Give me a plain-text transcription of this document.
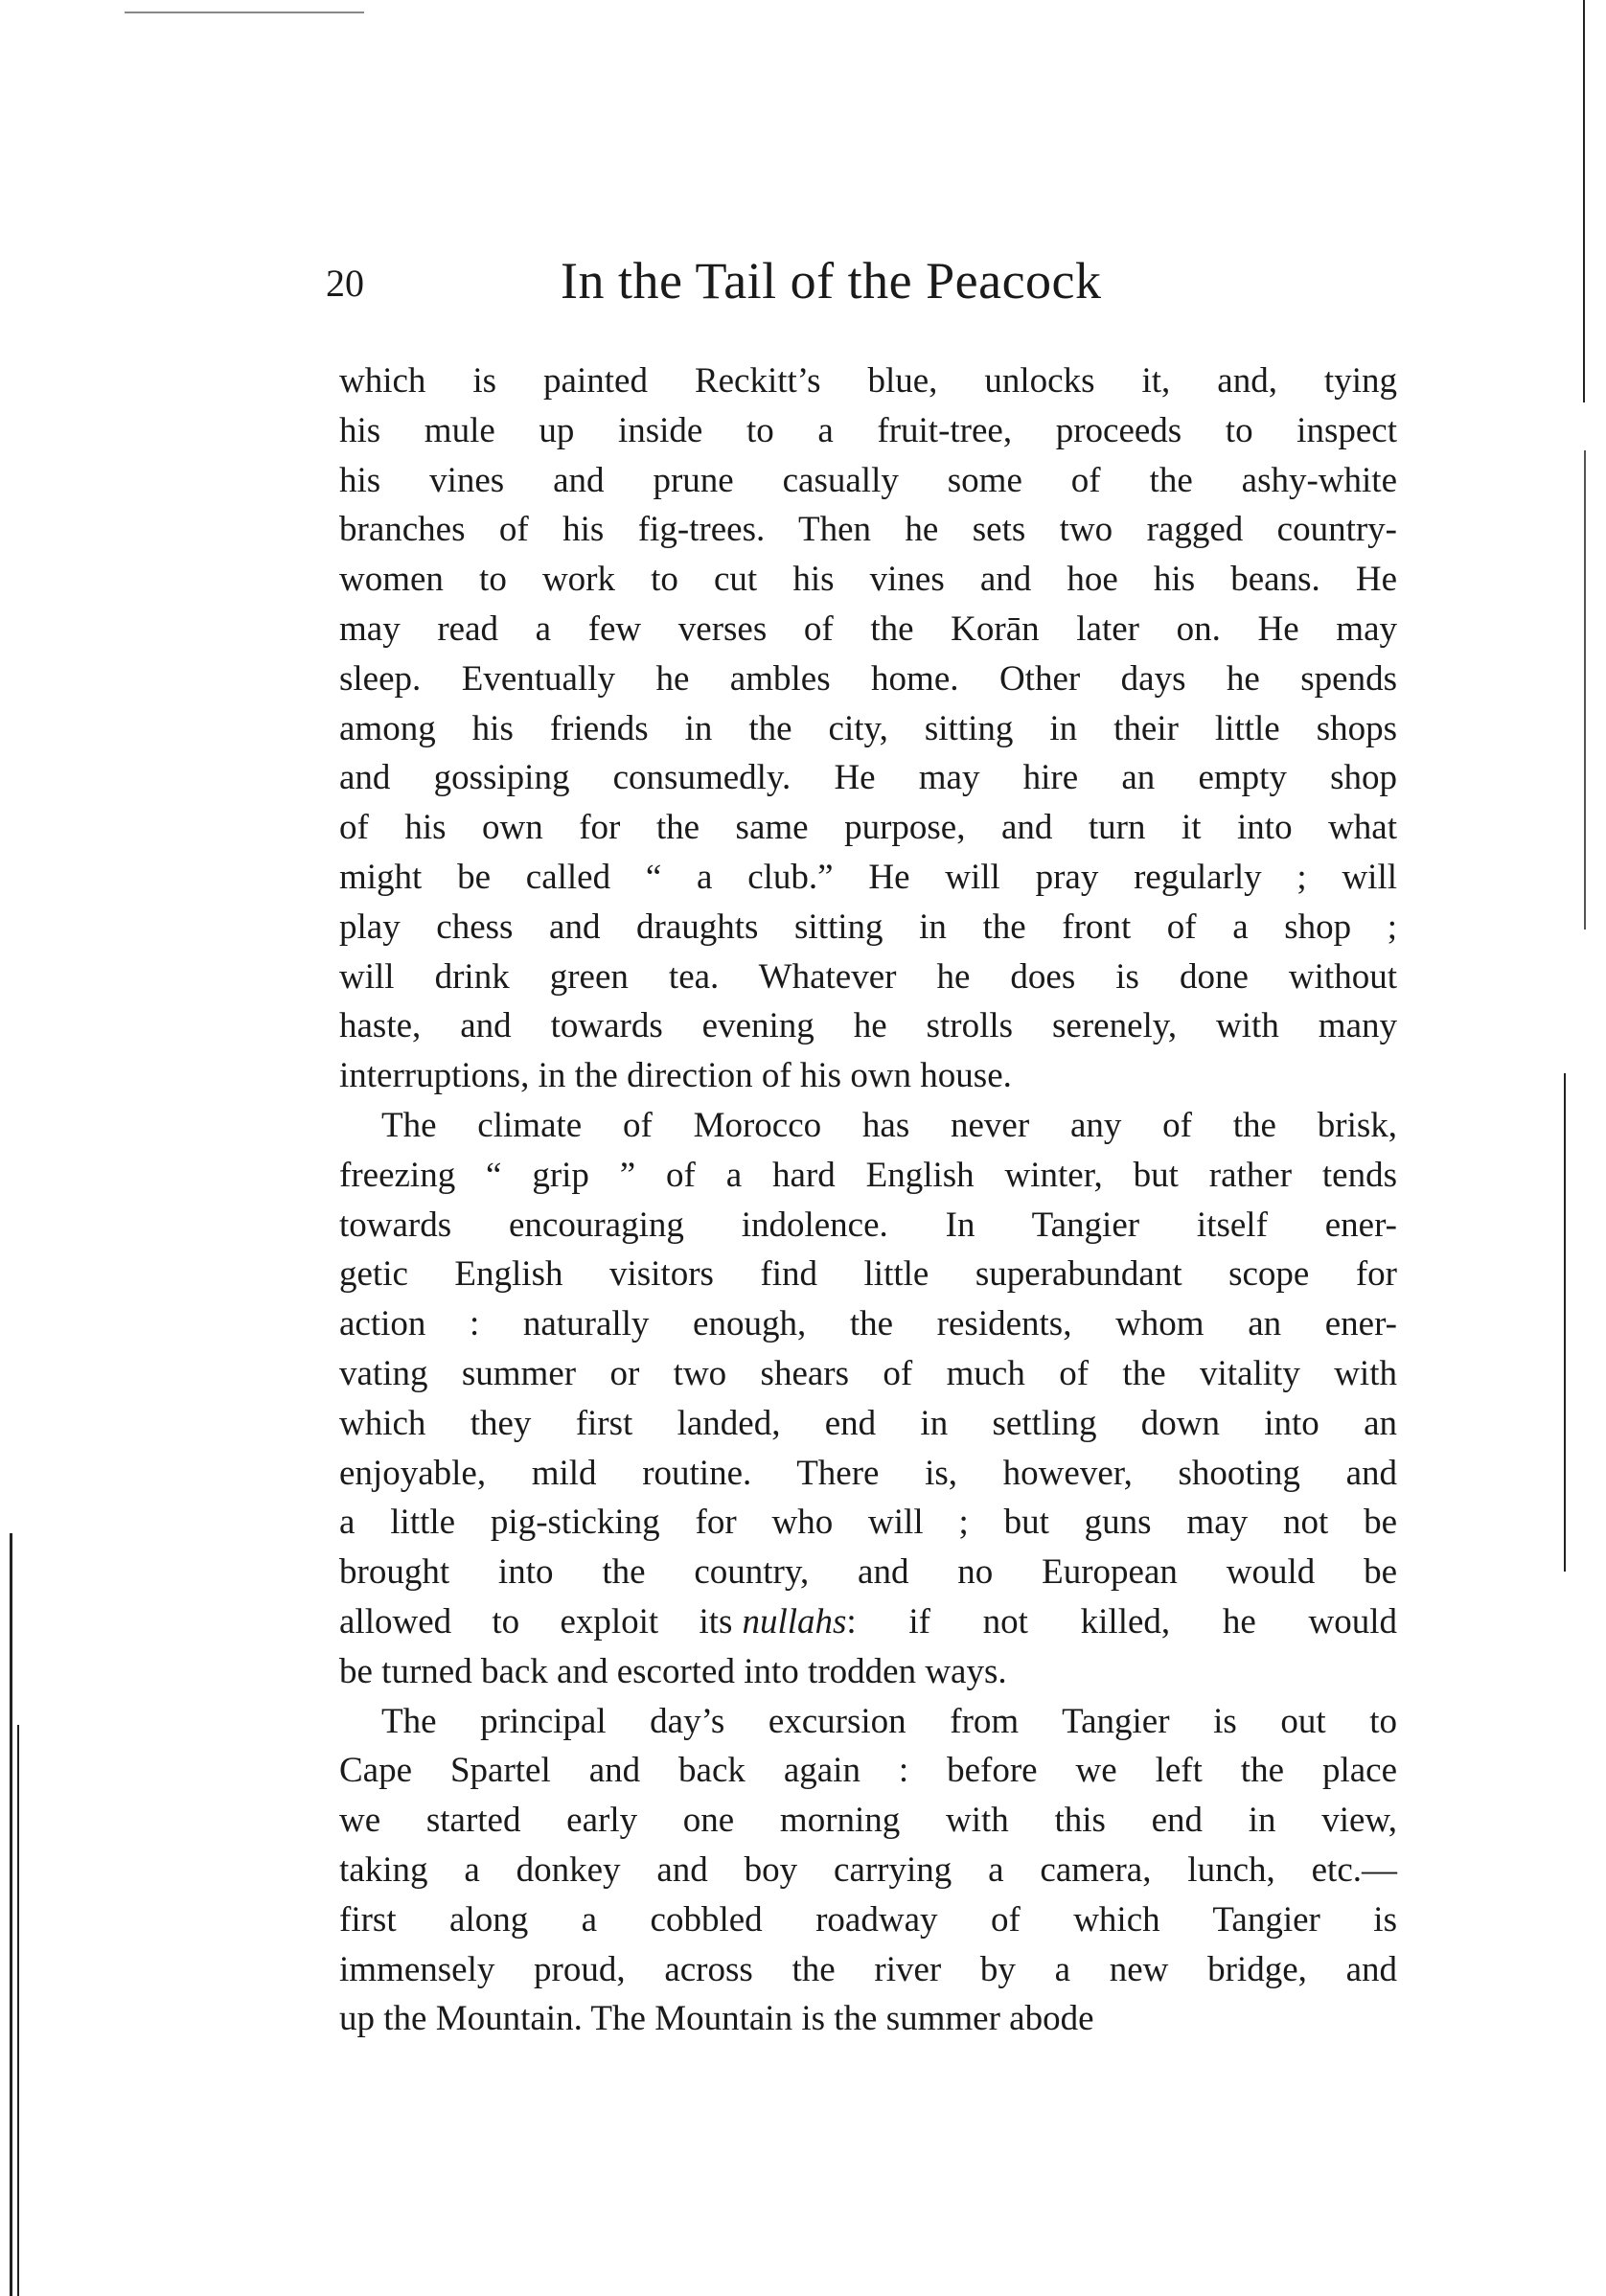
20	In the Tail of the Peacock
which is painted Reckitt’s blue, unlocks it, and, tying
his mule up inside to a fruit-tree, proceeds to inspect
his vines and prune casually some of the ashy-white
branches of his fig-trees. Then he sets two ragged country-
women to work to cut his vines and hoe his beans. He
may read a few verses of the Korān later on. He may
sleep. Eventually he ambles home. Other days he spends
among his friends in the city, sitting in their little shops
and gossiping consumedly. He may hire an empty shop
of his own for the same purpose, and turn it into what
might be called “ a club.” He will pray regularly ; will
play chess and draughts sitting in the front of a shop ;
will drink green tea. Whatever he does is done without
haste, and towards evening he strolls serenely, with many
interruptions, in the direction of his own house.
The climate of Morocco has never any of the brisk,
freezing “ grip ” of a hard English winter, but rather tends
towards encouraging indolence. In Tangier itself ener-
getic English visitors find little superabundant scope for
action : naturally enough, the residents, whom an ener-
vating summer or two shears of much of the vitality with
which they first landed, end in settling down into an
enjoyable, mild routine. There is, however, shooting and
a little pig-sticking for who will ; but guns may not be
brought into the country, and no European would be
allowed to exploit its nullahs : if not killed, he would
be turned back and escorted into trodden ways.
The principal day’s excursion from Tangier is out to
Cape Spartel and back again : before we left the place
we started early one morning with this end in view,
taking a donkey and boy carrying a camera, lunch, etc.—
first along a cobbled roadway of which Tangier is
immensely proud, across the river by a new bridge, and
up the Mountain. The Mountain is the summer abode
